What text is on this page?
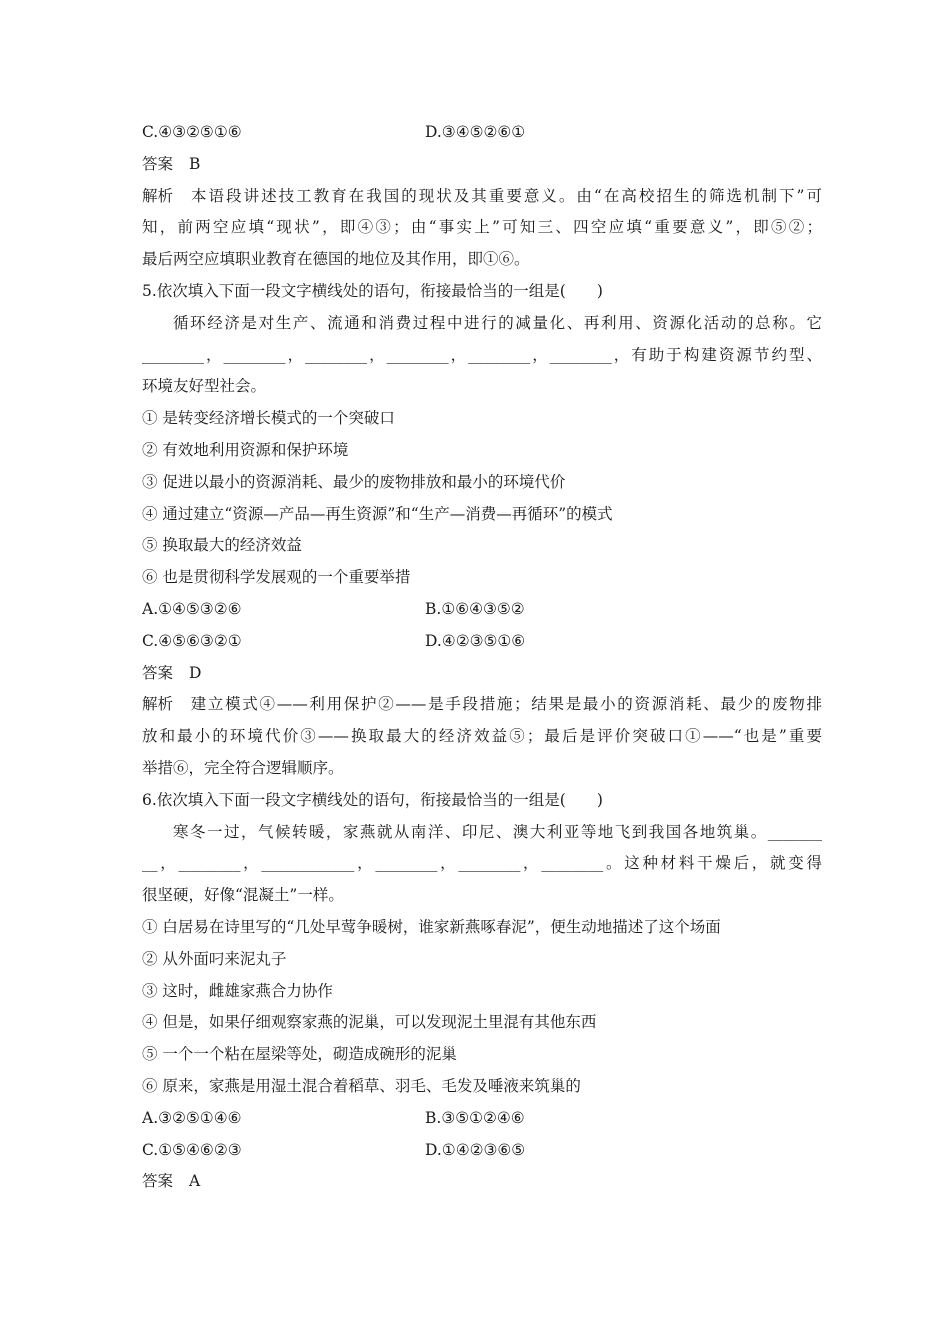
C.④③②⑤①⑥	D.③④⑤②⑥①
答案 B
解析 本语段讲述技工教育在我国的现状及其重要意义。由“在高校招生的筛选机制下”可
知，前两空应填“现状”，即④③；由“事实上”可知三、四空应填“重要意义”，即⑤②；
最后两空应填职业教育在德国的地位及其作用，即①⑥。
5.依次填入下面一段文字横线处的语句，衔接最恰当的一组是(　　)
循环经济是对生产、流通和消费过程中进行的减量化、再利用、资源化活动的总称。它
________，________，________，________，________，________，有助于构建资源节约型、
环境友好型社会。
① 是转变经济增长模式的一个突破口
② 有效地利用资源和保护环境
③ 促进以最小的资源消耗、最少的废物排放和最小的环境代价
④ 通过建立“资源—产品—再生资源”和“生产—消费—再循环”的模式
⑤ 换取最大的经济效益
⑥ 也是贯彻科学发展观的一个重要举措
A.①④⑤③②⑥	B.①⑥④③⑤②
C.④⑤⑥③②①	D.④②③⑤①⑥
答案 D
解析 建立模式④——利用保护②——是手段措施；结果是最小的资源消耗、最少的废物排
放和最小的环境代价③——换取最大的经济效益⑤；最后是评价突破口①——“也是”重要
举措⑥，完全符合逻辑顺序。
6.依次填入下面一段文字横线处的语句，衔接最恰当的一组是(　　)
寒冬一过，气候转暖，家燕就从南洋、印尼、澳大利亚等地飞到我国各地筑巢。_______
__，________，____________，________，________，________。这种材料干燥后，就变得
很坚硬，好像“混凝土”一样。
① 白居易在诗里写的“几处早莺争暖树，谁家新燕啄春泥”，便生动地描述了这个场面
② 从外面叼来泥丸子
③ 这时，雌雄家燕合力协作
④ 但是，如果仔细观察家燕的泥巢，可以发现泥土里混有其他东西
⑤ 一个一个粘在屋梁等处，砌造成碗形的泥巢
⑥ 原来，家燕是用湿土混合着稻草、羽毛、毛发及唾液来筑巢的
A.③②⑤①④⑥	B.③⑤①②④⑥
C.①⑤④⑥②③	D.①④②③⑥⑤
答案 A
